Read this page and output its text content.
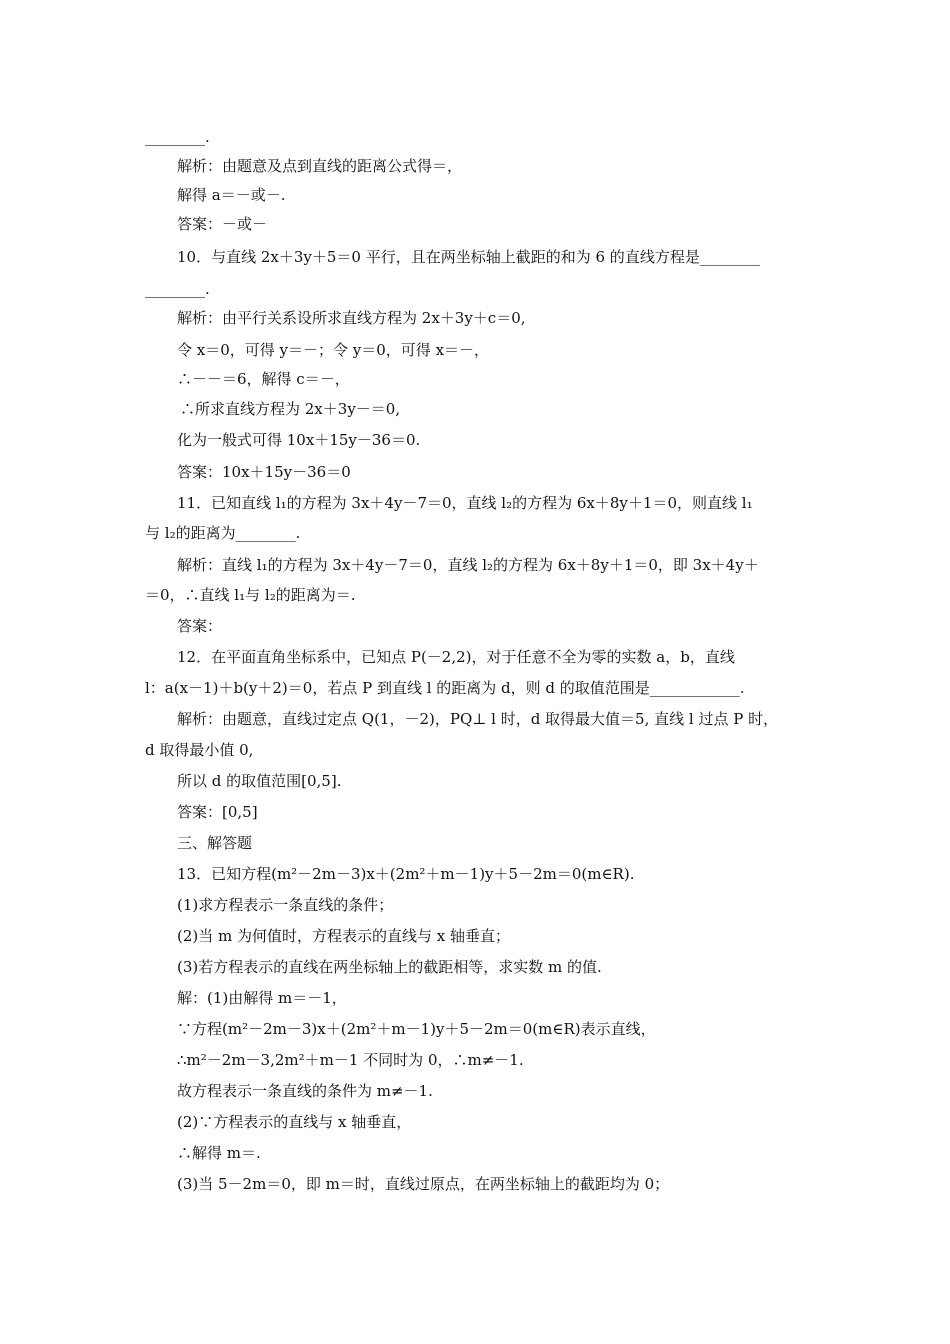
________.
解析：由题意及点到直线的距离公式得＝，
解得 a＝－或－.
答案：－或－
10．与直线 2x＋3y＋5＝0 平行，且在两坐标轴上截距的和为 6 的直线方程是________
________.
解析：由平行关系设所求直线方程为 2x＋3y＋c＝0,
令 x＝0，可得 y＝－；令 y＝0，可得 x＝－，
∴－－＝6，解得 c＝－，
∴所求直线方程为 2x＋3y－＝0,
化为一般式可得 10x＋15y－36＝0.
答案：10x＋15y－36＝0
11．已知直线 l₁的方程为 3x＋4y－7＝0，直线 l₂的方程为 6x＋8y＋1＝0，则直线 l₁
与 l₂的距离为________.
解析：直线 l₁的方程为 3x＋4y－7＝0，直线 l₂的方程为 6x＋8y＋1＝0，即 3x＋4y＋
＝0，∴直线 l₁与 l₂的距离为＝.
答案：
12．在平面直角坐标系中，已知点 P(－2,2)，对于任意不全为零的实数 a，b，直线
l：a(x－1)＋b(y＋2)＝0，若点 P 到直线 l 的距离为 d，则 d 的取值范围是____________.
解析：由题意，直线过定点 Q(1，－2)，PQ⊥ l 时，d 取得最大值＝5, 直线 l 过点 P 时，
d 取得最小值 0,
所以 d 的取值范围[0,5].
答案：[0,5]
三、解答题
13．已知方程(m²－2m－3)x＋(2m²＋m－1)y＋5－2m＝0(m∈R).
(1)求方程表示一条直线的条件；
(2)当 m 为何值时，方程表示的直线与 x 轴垂直；
(3)若方程表示的直线在两坐标轴上的截距相等，求实数 m 的值.
解：(1)由解得 m＝－1，
∵方程(m²－2m－3)x＋(2m²＋m－1)y＋5－2m＝0(m∈R)表示直线，
∴m²－2m－3,2m²＋m－1 不同时为 0，∴m≠－1.
故方程表示一条直线的条件为 m≠－1.
(2)∵方程表示的直线与 x 轴垂直，
∴解得 m＝.
(3)当 5－2m＝0，即 m＝时，直线过原点，在两坐标轴上的截距均为 0；
